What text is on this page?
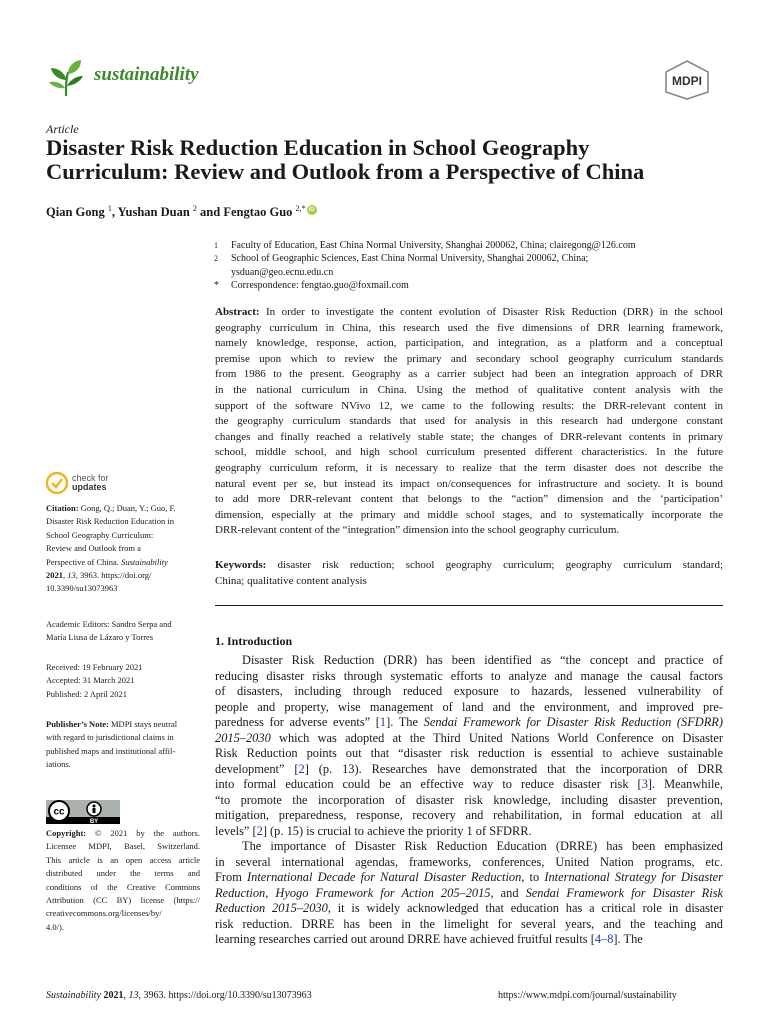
sustainability	MDPI
Article
Disaster Risk Reduction Education in School Geography
Curriculum: Review and Outlook from a Perspective of China
Qian Gong $^1$, Yushan Duan $^2$ and Fengtao Guo $^{2,*}$ iD
1	Faculty of Education, East China Normal University, Shanghai 200062, China; clairegong@126.com
2	School of Geographic Sciences, East China Normal University, Shanghai 200062, China;
ysduan@geo.ecnu.edu.cn
*	Correspondence: fengtao.guo@foxmail.com
Abstract: In order to investigate the content evolution of Disaster Risk Reduction (DRR) in the school
geography curriculum in China, this research used the five dimensions of DRR learning framework,
namely knowledge, response, action, participation, and integration, as a platform and a conceptual
premise upon which to review the primary and secondary school geography curriculum standards
from 1986 to the present. Geography as a carrier subject had been an integration approach of DRR
in the national curriculum in China. Using the method of qualitative content analysis with the
support of the software NVivo 12, we came to the following results: the DRR-relevant content in
the geography curriculum standards that used for analysis in this research had undergone constant
changes and finally reached a relatively stable state; the changes of DRR-relevant contents in primary
school, middle school, and high school curriculum presented different characteristics. In the future
geography curriculum reform, it is necessary to realize that the term disaster does not describe the
natural event per se, but instead its impact on/consequences for infrastructure and society. It is bound
to add more DRR-relevant content that belongs to the “action” dimension and the ‘participation’
dimension, especially at the primary and middle school stages, and to systematically incorporate the
DRR-relevant content of the “integration” dimension into the school geography curriculum.
Keywords: disaster risk reduction; school geography curriculum; geography curriculum standard;
China; qualitative content analysis
check for
updates
Citation: Gong, Q.; Duan, Y.; Guo, F.
Disaster Risk Reduction Education in
School Geography Curriculum:
Review and Outlook from a
Perspective of China. Sustainability
2021, 13, 3963. https://doi.org/
10.3390/su13073963
Academic Editors: Sandro Serpa and
María Liusa de Lázaro y Torres
Received: 19 February 2021
Accepted: 31 March 2021
Published: 2 April 2021
Publisher’s Note: MDPI stays neutral
with regard to jurisdictional claims in
published maps and institutional affil-
iations.
cc
BY
Copyright: © 2021 by the authors.
Licensee MDPI, Basel, Switzerland.
This article is an open access article
distributed under the terms and
conditions of the Creative Commons
Attribution (CC BY) license (https://
creativecommons.org/licenses/by/
4.0/).
1. Introduction
Disaster Risk Reduction (DRR) has been identified as “the concept and practice of
reducing disaster risks through systematic efforts to analyze and manage the causal factors
of disasters, including through reduced exposure to hazards, lessened vulnerability of
people and property, wise management of land and the environment, and improved pre-
paredness for adverse events” [1]. The Sendai Framework for Disaster Risk Reduction (SFDRR)
2015–2030 which was adopted at the Third United Nations World Conference on Disaster
Risk Reduction points out that “disaster risk reduction is essential to achieve sustainable
development” [2] (p. 13). Researches have demonstrated that the incorporation of DRR
into formal education could be an effective way to reduce disaster risk [3]. Meanwhile,
“to promote the incorporation of disaster risk knowledge, including disaster prevention,
mitigation, preparedness, response, recovery and rehabilitation, in formal education at all
levels” [2] (p. 15) is crucial to achieve the priority 1 of SFDRR.
The importance of Disaster Risk Reduction Education (DRRE) has been emphasized
in several international agendas, frameworks, conferences, United Nation programs, etc.
From International Decade for Natural Disaster Reduction, to International Strategy for Disaster
Reduction, Hyogo Framework for Action 205–2015, and Sendai Framework for Disaster Risk
Reduction 2015–2030, it is widely acknowledged that education has a critical role in disaster
risk reduction. DRRE has been in the limelight for several years, and the teaching and
learning researches carried out around DRRE have achieved fruitful results [4–8]. The
Sustainability 2021, 13, 3963. https://doi.org/10.3390/su13073963	https://www.mdpi.com/journal/sustainability
